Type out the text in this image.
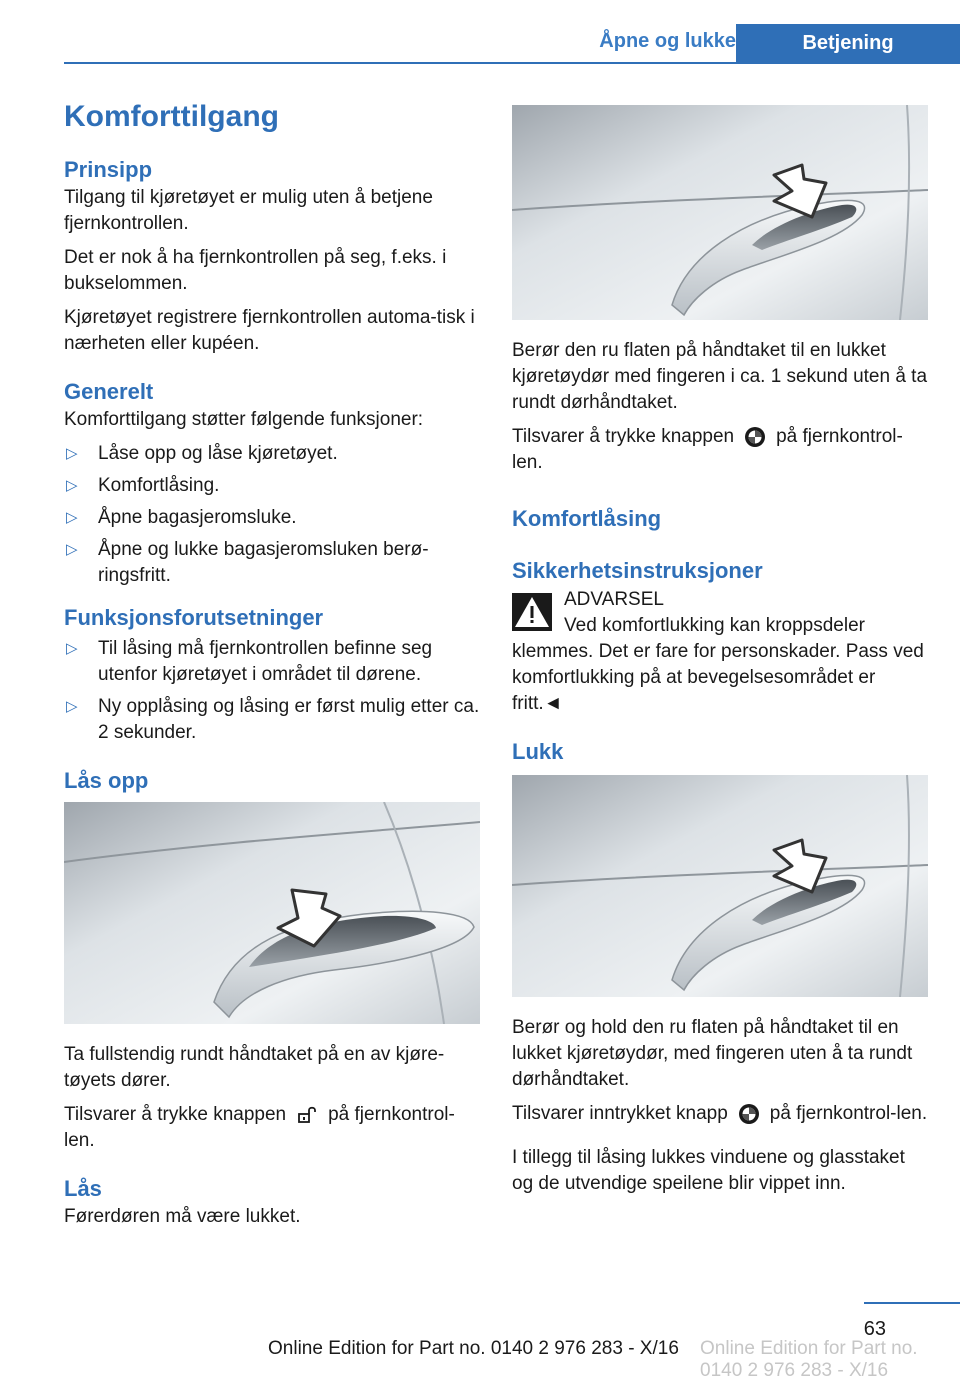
Åpne og lukke	Betjening
Komforttilgang
Prinsipp
Tilgang til kjøretøyet er mulig uten å betjene fjernkontrollen.
Det er nok å ha fjernkontrollen på seg, f.eks. i bukselommen.
Kjøretøyet registrere fjernkontrollen automa‐tisk i nærheten eller kupéen.
Generelt
Komforttilgang støtter følgende funksjoner:
▷ Låse opp og låse kjøretøyet.
▷ Komfortlåsing.
▷ Åpne bagasjeromsluke.
▷ Åpne og lukke bagasjeromsluken berø‐ringsfritt.
Funksjonsforutsetninger
▷ Til låsing må fjernkontrollen befinne seg utenfor kjøretøyet i området til dørene.
▷ Ny opplåsing og låsing er først mulig etter ca. 2 sekunder.
Lås opp
Ta fullstendig rundt håndtaket på en av kjøre‐tøyets dører.
Tilsvarer å trykke knappen på fjernkontrol‐len.
Lås
Førerdøren må være lukket.
Berør den ru flaten på håndtaket til en lukket kjøretøydør med fingeren i ca. 1 sekund uten å ta rundt dørhåndtaket.
Tilsvarer å trykke knappen på fjernkontrol‐len.
Komfortlåsing
Sikkerhetsinstruksjoner
ADVARSEL
Ved komfortlukking kan kroppsdeler klemmes. Det er fare for personskader. Pass ved komfortlukking på at bevegelsesområdet er fritt.◄
Lukk
Berør og hold den ru flaten på håndtaket til en lukket kjøretøydør, med fingeren uten å ta rundt dørhåndtaket.
Tilsvarer inntrykket knapp på fjernkontrol‐len.
I tillegg til låsing lukkes vinduene og glasstaket og de utvendige speilene blir vippet inn.
63
Online Edition for Part no. 0140 2 976 283 - X/16 Online Edition for Part no. 0140 2 976 283 - X/16
